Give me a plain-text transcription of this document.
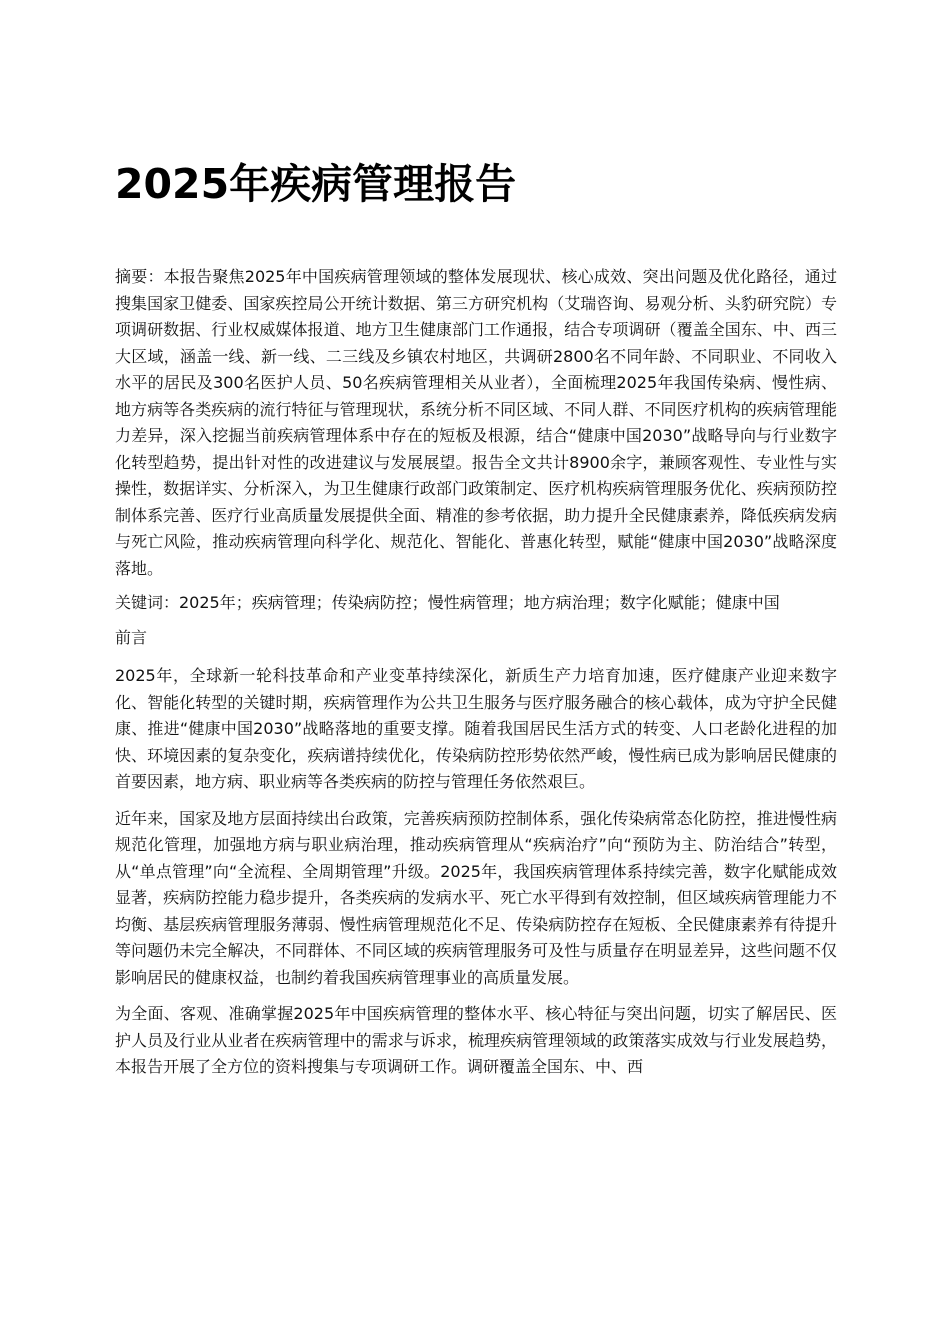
2025年疾病管理报告

摘要：本报告聚焦2025年中国疾病管理领域的整体发展现状、核心成效、突出问题及优化路径，通过搜集国家卫健委、国家疾控局公开统计数据、第三方研究机构（艾瑞咨询、易观分析、头豹研究院）专项调研数据、行业权威媒体报道、地方卫生健康部门工作通报，结合专项调研（覆盖全国东、中、西三大区域，涵盖一线、新一线、二三线及乡镇农村地区，共调研2800名不同年龄、不同职业、不同收入水平的居民及300名医护人员、50名疾病管理相关从业者），全面梳理2025年我国传染病、慢性病、地方病等各类疾病的流行特征与管理现状，系统分析不同区域、不同人群、不同医疗机构的疾病管理能力差异，深入挖掘当前疾病管理体系中存在的短板及根源，结合“健康中国2030”战略导向与行业数字化转型趋势，提出针对性的改进建议与发展展望。报告全文共计8900余字，兼顾客观性、专业性与实操性，数据详实、分析深入，为卫生健康行政部门政策制定、医疗机构疾病管理服务优化、疾病预防控制体系完善、医疗行业高质量发展提供全面、精准的参考依据，助力提升全民健康素养，降低疾病发病与死亡风险，推动疾病管理向科学化、规范化、智能化、普惠化转型，赋能“健康中国2030”战略深度落地。

关键词：2025年；疾病管理；传染病防控；慢性病管理；地方病治理；数字化赋能；健康中国

前言

2025年，全球新一轮科技革命和产业变革持续深化，新质生产力培育加速，医疗健康产业迎来数字化、智能化转型的关键时期，疾病管理作为公共卫生服务与医疗服务融合的核心载体，成为守护全民健康、推进“健康中国2030”战略落地的重要支撑。随着我国居民生活方式的转变、人口老龄化进程的加快、环境因素的复杂变化，疾病谱持续优化，传染病防控形势依然严峻，慢性病已成为影响居民健康的首要因素，地方病、职业病等各类疾病的防控与管理任务依然艰巨。

近年来，国家及地方层面持续出台政策，完善疾病预防控制体系，强化传染病常态化防控，推进慢性病规范化管理，加强地方病与职业病治理，推动疾病管理从“疾病治疗”向“预防为主、防治结合”转型，从“单点管理”向“全流程、全周期管理”升级。2025年，我国疾病管理体系持续完善，数字化赋能成效显著，疾病防控能力稳步提升，各类疾病的发病水平、死亡水平得到有效控制，但区域疾病管理能力不均衡、基层疾病管理服务薄弱、慢性病管理规范化不足、传染病防控存在短板、全民健康素养有待提升等问题仍未完全解决，不同群体、不同区域的疾病管理服务可及性与质量存在明显差异，这些问题不仅影响居民的健康权益，也制约着我国疾病管理事业的高质量发展。

为全面、客观、准确掌握2025年中国疾病管理的整体水平、核心特征与突出问题，切实了解居民、医护人员及行业从业者在疾病管理中的需求与诉求，梳理疾病管理领域的政策落实成效与行业发展趋势，本报告开展了全方位的资料搜集与专项调研工作。调研覆盖全国东、中、西
